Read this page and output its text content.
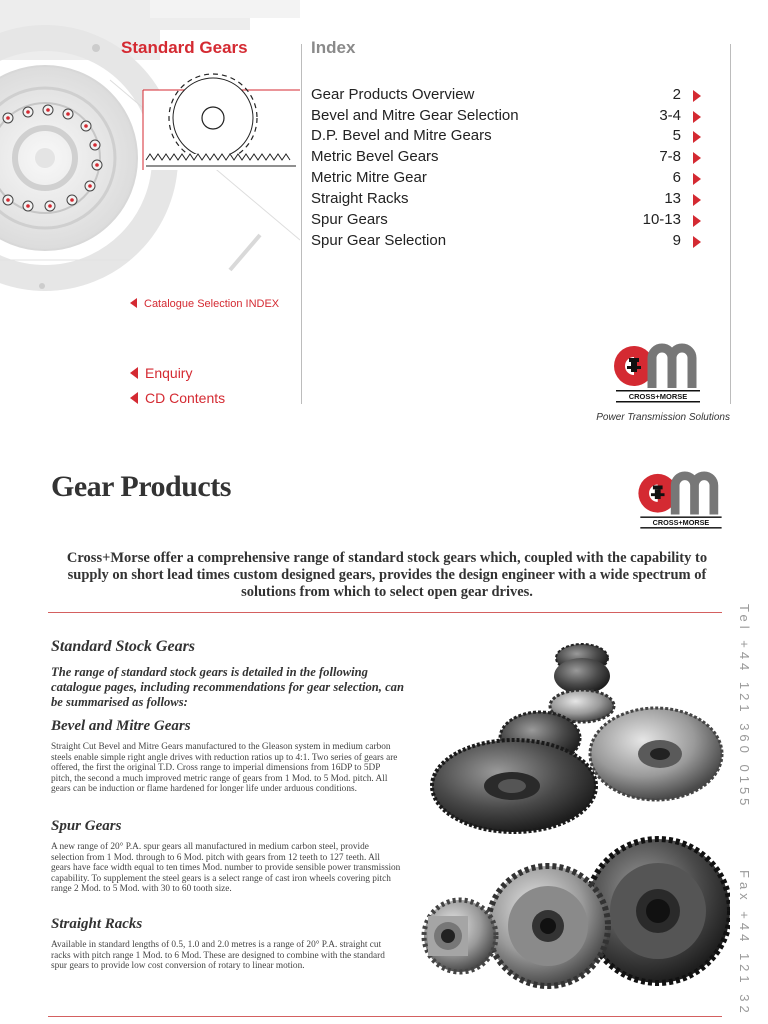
Standard Gears	Index
Gear Products Overview	2
Bevel and Mitre Gear Selection	3-4
D.P. Bevel and Mitre Gears	5
Metric Bevel Gears	7-8
Metric Mitre Gear	6
Straight Racks	13
Spur Gears	10-13
Spur Gear Selection	9
Catalogue Selection INDEX
Enquiry
CD Contents	CROSS+MORSE
Power Transmission Solutions
Gear Products
CROSS+MORSE
Cross+Morse offer a comprehensive range of standard stock gears which, coupled with the capability to supply on short lead times custom designed gears, provides the design engineer with a wide spectrum of solutions from which to select open gear drives.
Standard Stock Gears
The range of standard stock gears is detailed in the following catalogue pages, including recommendations for gear selection, can be summarised as follows:
Bevel and Mitre Gears
Straight Cut Bevel and Mitre Gears manufactured to the Gleason system in medium carbon steels enable simple right angle drives with reduction ratios up to 4:1. Two series of gears are offered, the first the original T.D. Cross range to imperial dimensions from 16DP to 5DP pitch, the second a much improved metric range of gears from 1 Mod. to 5 Mod. pitch. All gears can be induction or flame hardened for longer life under arduous conditions.
Spur Gears
A new range of 20° P.A. spur gears all manufactured in medium carbon steel, provide selection from 1 Mod. through to 6 Mod. pitch with gears from 12 teeth to 127 teeth. All gears have face width equal to ten times Mod. number to provide sensible power transmission capability. To supplement the steel gears is a select range of cast iron wheels covering pitch range 2 Mod. to 5 Mod. with 30 to 60 tooth size.
Straight Racks
Available in standard lengths of 0.5, 1.0 and 2.0 metres is a range of 20° P.A. straight cut racks with pitch range 1 Mod. to 6 Mod. These are designed to combine with the standard spur gears to provide low cost conversion of rotary to linear motion.
Tel +44 121 360 0155
Fax +44 121 32
